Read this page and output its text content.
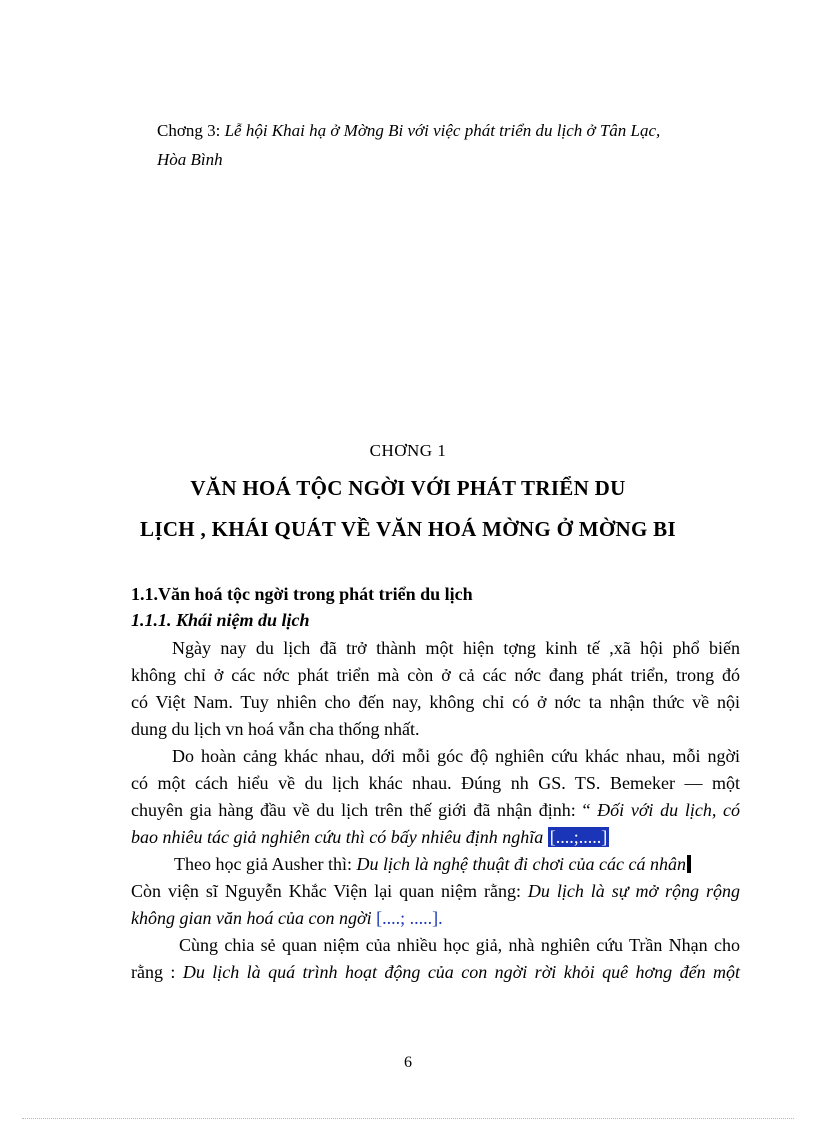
Chơng 3: Lễ hội Khai hạ ở Mờng Bi với việc phát triển du lịch ở Tân Lạc,
Hòa Bình
CHƠNG 1
VĂN HOÁ TỘC NGỜI VỚI PHÁT TRIỂN DU
LỊCH , KHÁI QUÁT VỀ VĂN HOÁ MỜNG Ở MỜNG BI
1.1.Văn hoá tộc ngời trong phát triển du lịch
1.1.1. Khái niệm du lịch
Ngày nay du lịch đã trở thành một hiện tợng kinh tế ,xã hội phổ biến
không chỉ ở các nớc phát triển mà còn ở cả các nớc đang phát triển, trong đó
có Việt Nam. Tuy nhiên cho đến nay, không chỉ có ở nớc ta nhận thức về nội
dung du lịch vn hoá vẫn cha thống nhất.
Do hoàn cảng khác nhau, dới mỗi góc độ nghiên cứu khác nhau, mỗi ngời
có một cách hiểu về du lịch khác nhau. Đúng nh GS. TS. Bemeker — một
chuyên gia hàng đầu về du lịch trên thế giới đã nhận định: “ Đối với du lịch, có
bao nhiêu tác giả nghiên cứu thì có bấy nhiêu định nghĩa [....;.....]
Theo học giả Ausher thì: Du lịch là nghệ thuật đi chơi của các cá nhân
Còn viện sĩ Nguyễn Khắc Viện lại quan niệm rằng: Du lịch là sự mở rộng rộng
không gian văn hoá của con ngời [....; .....].
Cùng chia sẻ quan niệm của nhiều học giả, nhà nghiên cứu Trần Nhạn cho
rằng : Du lịch là quá trình hoạt động của con ngời rời khỏi quê hơng đến một
6
